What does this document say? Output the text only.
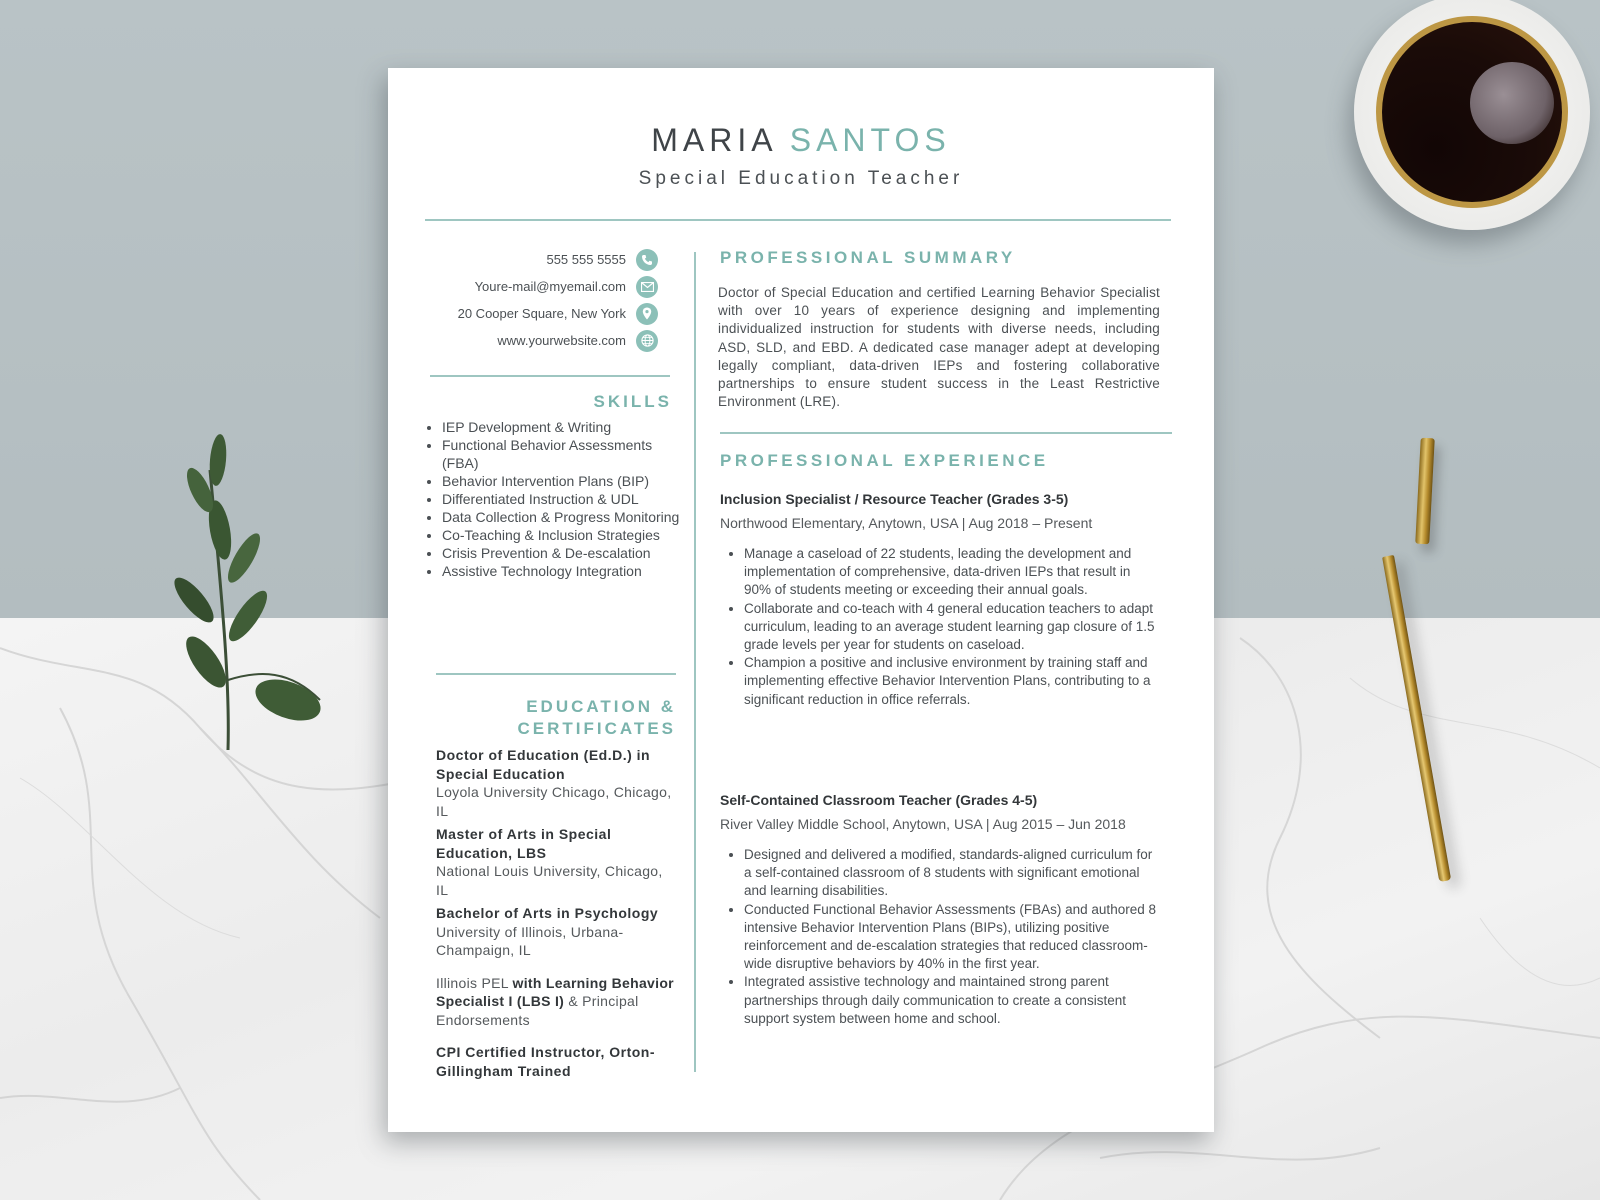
MARIA SANTOS
Special Education Teacher
555 555 5555
Youre-mail@myemail.com
20 Cooper Square, New York
www.yourwebsite.com
SKILLS
• IEP Development & Writing
• Functional Behavior Assessments (FBA)
• Behavior Intervention Plans (BIP)
• Differentiated Instruction & UDL
• Data Collection & Progress Monitoring
• Co-Teaching & Inclusion Strategies
• Crisis Prevention & De-escalation
• Assistive Technology Integration
EDUCATION &
CERTIFICATES
Doctor of Education (Ed.D.) in Special Education
Loyola University Chicago, Chicago, IL
Master of Arts in Special Education, LBS
National Louis University, Chicago, IL
Bachelor of Arts in Psychology
University of Illinois, Urbana-Champaign, IL
Illinois PEL with Learning Behavior Specialist I (LBS I) & Principal Endorsements
CPI Certified Instructor, Orton-Gillingham Trained
PROFESSIONAL SUMMARY

Doctor of Special Education and certified Learning Behavior Specialist with over 10 years of experience designing and implementing individualized instruction for students with diverse needs, including ASD, SLD, and EBD. A dedicated case manager adept at developing legally compliant, data-driven IEPs and fostering collaborative partnerships to ensure student success in the Least Restrictive Environment (LRE).

PROFESSIONAL EXPERIENCE
Inclusion Specialist / Resource Teacher (Grades 3-5)
Northwood Elementary, Anytown, USA | Aug 2018 – Present
• Manage a caseload of 22 students, leading the development and implementation of comprehensive, data-driven IEPs that result in 90% of students meeting or exceeding their annual goals.
• Collaborate and co-teach with 4 general education teachers to adapt curriculum, leading to an average student learning gap closure of 1.5 grade levels per year for students on caseload.
• Champion a positive and inclusive environment by training staff and implementing effective Behavior Intervention Plans, contributing to a significant reduction in office referrals.
Self-Contained Classroom Teacher (Grades 4-5)
River Valley Middle School, Anytown, USA | Aug 2015 – Jun 2018
• Designed and delivered a modified, standards-aligned curriculum for a self-contained classroom of 8 students with significant emotional and learning disabilities.
• Conducted Functional Behavior Assessments (FBAs) and authored 8 intensive Behavior Intervention Plans (BIPs), utilizing positive reinforcement and de-escalation strategies that reduced classroom-wide disruptive behaviors by 40% in the first year.
• Integrated assistive technology and maintained strong parent partnerships through daily communication to create a consistent support system between home and school.
